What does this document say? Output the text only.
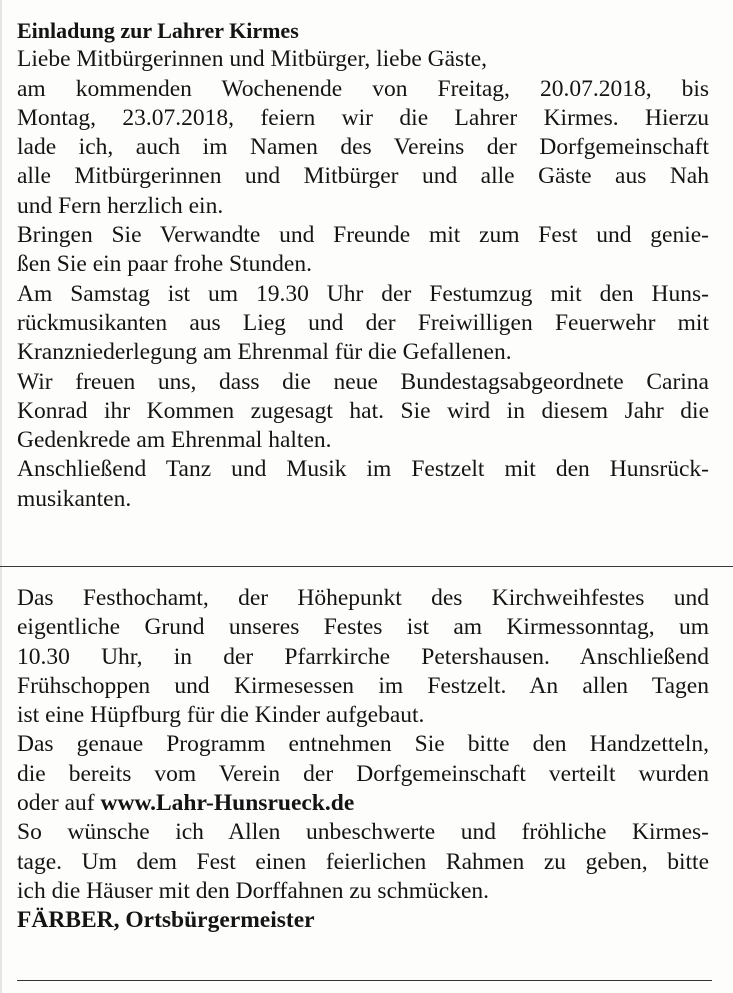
Einladung zur Lahrer Kirmes
Liebe Mitbürgerinnen und Mitbürger, liebe Gäste,
am kommenden Wochenende von Freitag, 20.07.2018, bis
Montag, 23.07.2018, feiern wir die Lahrer Kirmes. Hierzu
lade ich, auch im Namen des Vereins der Dorfgemeinschaft
alle Mitbürgerinnen und Mitbürger und alle Gäste aus Nah
und Fern herzlich ein.
Bringen Sie Verwandte und Freunde mit zum Fest und genie-
ßen Sie ein paar frohe Stunden.
Am Samstag ist um 19.30 Uhr der Festumzug mit den Huns-
rückmusikanten aus Lieg und der Freiwilligen Feuerwehr mit
Kranzniederlegung am Ehrenmal für die Gefallenen.
Wir freuen uns, dass die neue Bundestagsabgeordnete Carina
Konrad ihr Kommen zugesagt hat. Sie wird in diesem Jahr die
Gedenkrede am Ehrenmal halten.
Anschließend Tanz und Musik im Festzelt mit den Hunsrück-
musikanten.
Das Festhochamt, der Höhepunkt des Kirchweihfestes und
eigentliche Grund unseres Festes ist am Kirmessonntag, um
10.30 Uhr, in der Pfarrkirche Petershausen. Anschließend
Frühschoppen und Kirmesessen im Festzelt. An allen Tagen
ist eine Hüpfburg für die Kinder aufgebaut.
Das genaue Programm entnehmen Sie bitte den Handzetteln,
die bereits vom Verein der Dorfgemeinschaft verteilt wurden
oder auf www.Lahr-Hunsrueck.de
So wünsche ich Allen unbeschwerte und fröhliche Kirmes-
tage. Um dem Fest einen feierlichen Rahmen zu geben, bitte
ich die Häuser mit den Dorffahnen zu schmücken.
FÄRBER, Ortsbürgermeister
